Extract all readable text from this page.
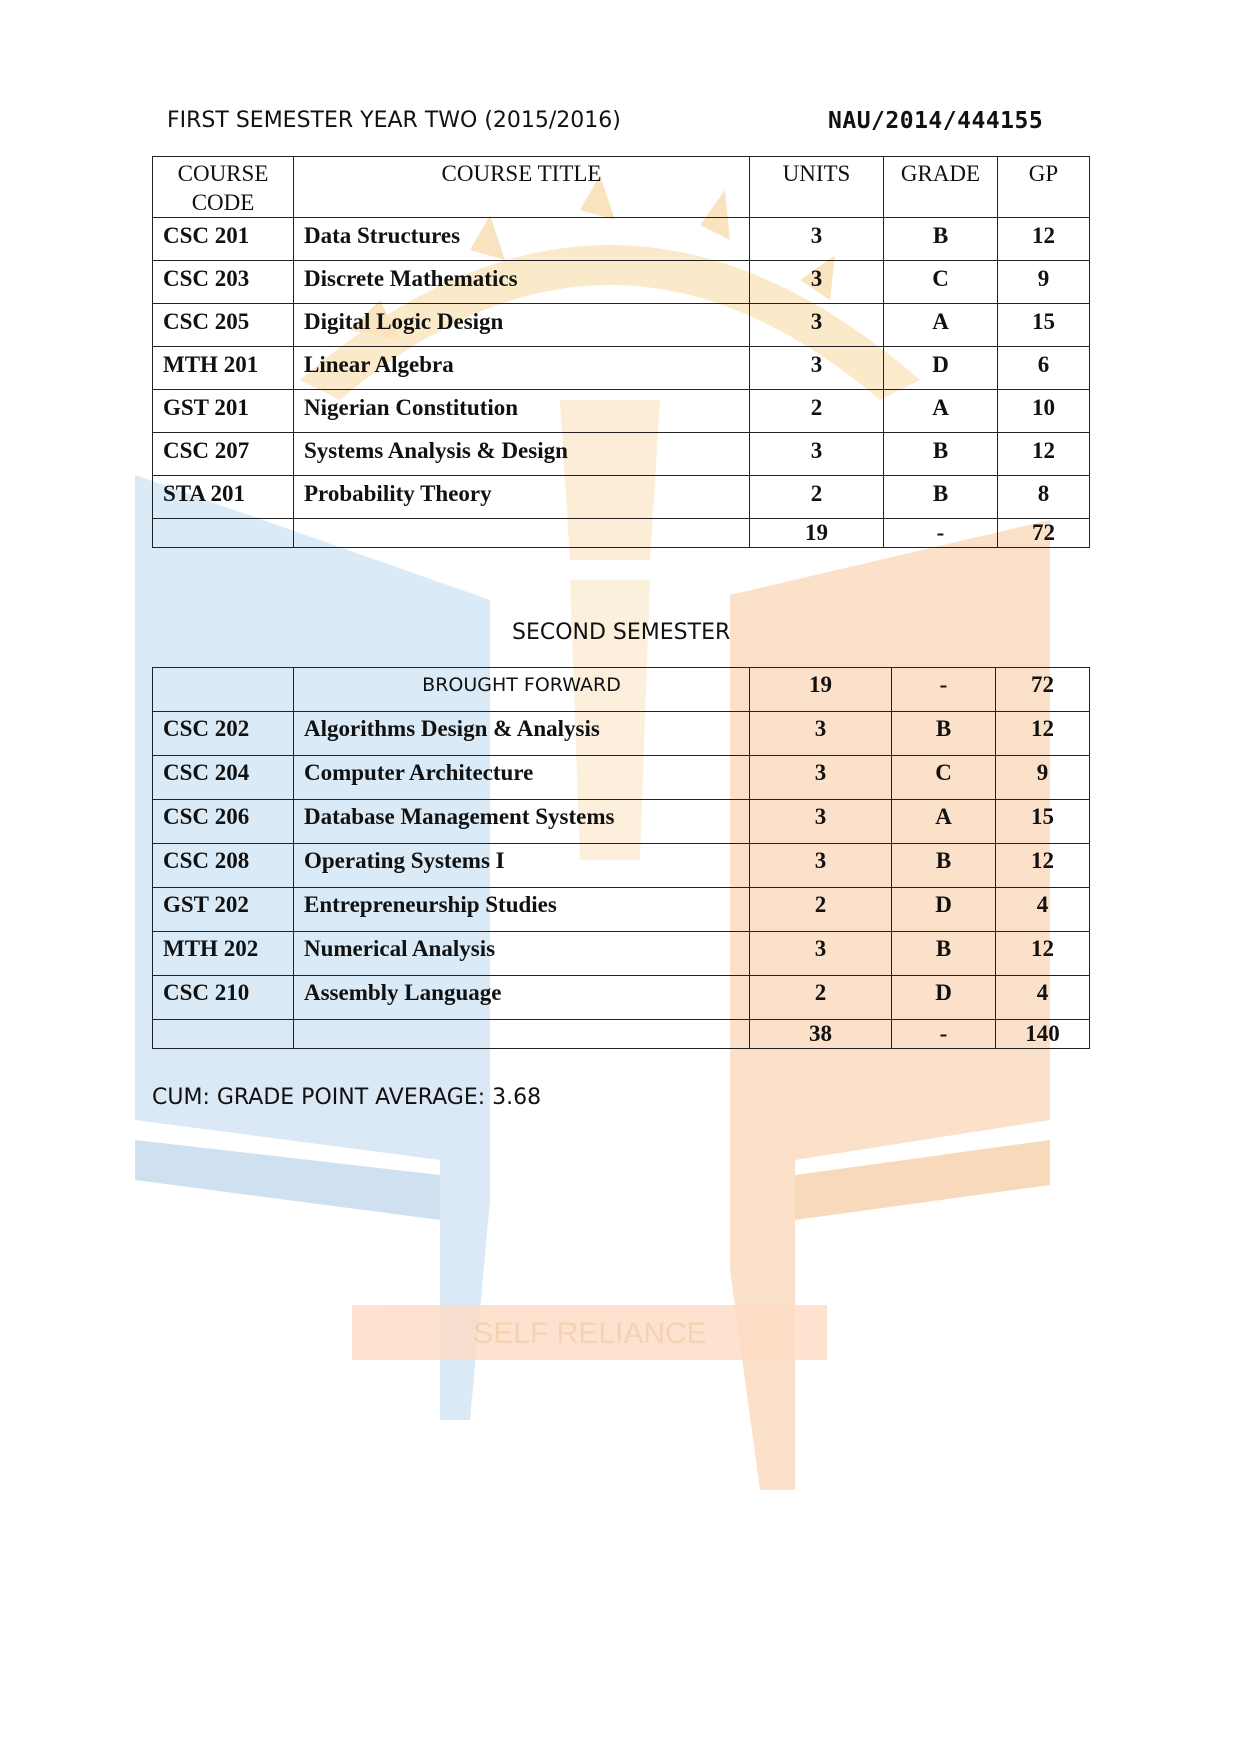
SELF RELIANCE
FIRST SEMESTER YEAR TWO (2015/2016)	NAU/2014/444155
COURSE CODE	COURSE TITLE	UNITS	GRADE	GP
CSC 201	Data Structures	3	B	12
CSC 203	Discrete Mathematics	3	C	9
CSC 205	Digital Logic Design	3	A	15
MTH 201	Linear Algebra	3	D	6
GST 201	Nigerian Constitution	2	A	10
CSC 207	Systems Analysis & Design	3	B	12
STA 201	Probability Theory	2	B	8
		19	-	72
SECOND SEMESTER
	BROUGHT FORWARD	19	-	72
CSC 202	Algorithms Design & Analysis	3	B	12
CSC 204	Computer Architecture	3	C	9
CSC 206	Database Management Systems	3	A	15
CSC 208	Operating Systems I	3	B	12
GST 202	Entrepreneurship Studies	2	D	4
MTH 202	Numerical Analysis	3	B	12
CSC 210	Assembly Language	2	D	4
		38	-	140
CUM: GRADE POINT AVERAGE: 3.68
